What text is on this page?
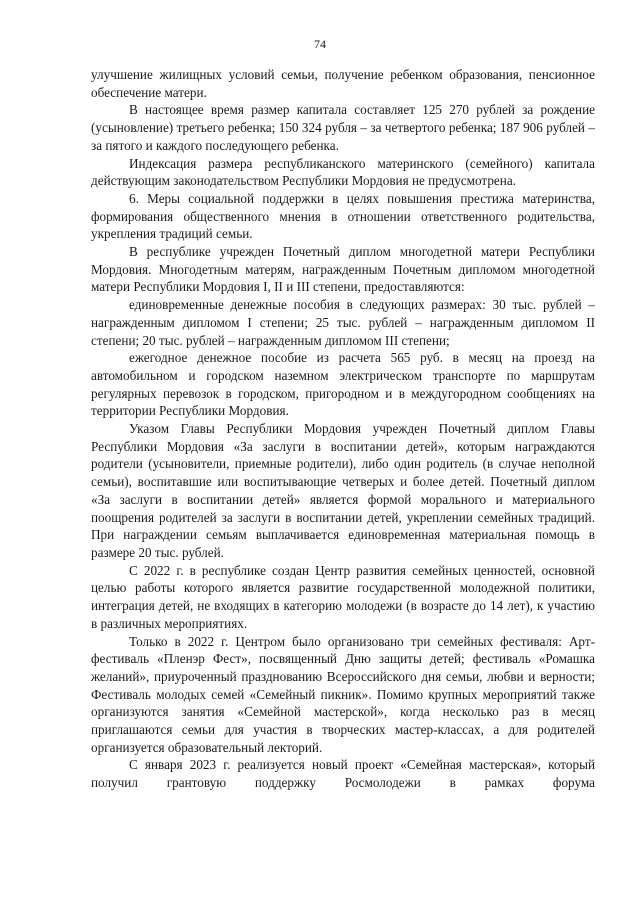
74

улучшение жилищных условий семьи, получение ребенком образования, пенсионное обеспечение матери.

В настоящее время размер капитала составляет 125 270 рублей за рождение (усыновление) третьего ребенка; 150 324 рубля – за четвертого ребенка; 187 906 рублей – за пятого и каждого последующего ребенка.

Индексация размера республиканского материнского (семейного) капитала действующим законодательством Республики Мордовия не предусмотрена.

6. Меры социальной поддержки в целях повышения престижа материнства, формирования общественного мнения в отношении ответственного родительства, укрепления традиций семьи.

В республике учрежден Почетный диплом многодетной матери Республики Мордовия. Многодетным матерям, награжденным Почетным дипломом многодетной матери Республики Мордовия I, II и III степени, предоставляются:

единовременные денежные пособия в следующих размерах: 30 тыс. рублей – награжденным дипломом I степени; 25 тыс. рублей – награжденным дипломом II степени; 20 тыс. рублей – награжденным дипломом III степени;

ежегодное денежное пособие из расчета 565 руб. в месяц на проезд на автомобильном и городском наземном электрическом транспорте по маршрутам регулярных перевозок в городском, пригородном и в междугородном сообщениях на территории Республики Мордовия.

Указом Главы Республики Мордовия учрежден Почетный диплом Главы Республики Мордовия «За заслуги в воспитании детей», которым награждаются родители (усыновители, приемные родители), либо один родитель (в случае неполной семьи), воспитавшие или воспитывающие четверых и более детей. Почетный диплом «За заслуги в воспитании детей» является формой морального и материального поощрения родителей за заслуги в воспитании детей, укреплении семейных традиций. При награждении семьям выплачивается единовременная материальная помощь в размере 20 тыс. рублей.

С 2022 г. в республике создан Центр развития семейных ценностей, основной целью работы которого является развитие государственной молодежной политики, интеграция детей, не входящих в категорию молодежи (в возрасте до 14 лет), к участию в различных мероприятиях.

Только в 2022 г. Центром было организовано три семейных фестиваля: Арт-фестиваль «Пленэр Фест», посвященный Дню защиты детей; фестиваль «Ромашка желаний», приуроченный празднованию Всероссийского дня семьи, любви и верности; Фестиваль молодых семей «Семейный пикник». Помимо крупных мероприятий также организуются занятия «Семейной мастерской», когда несколько раз в месяц приглашаются семьи для участия в творческих мастер-классах, а для родителей организуется образовательный лекторий.

С января 2023 г. реализуется новый проект «Семейная мастерская», который получил грантовую поддержку Росмолодежи в рамках форума
